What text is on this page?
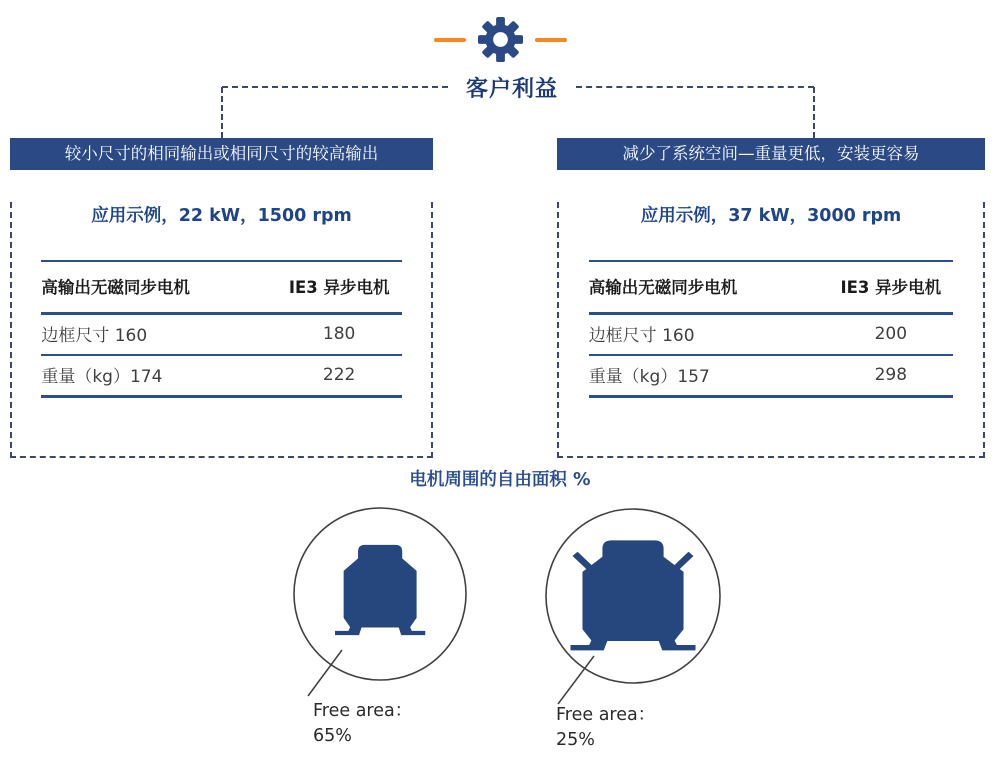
客户利益
较小尺寸的相同输出或相同尺寸的较高输出
应用示例，22 kW，1500 rpm
高输出无磁同步电机	IE3 异步电机
边框尺寸 160	180
重量（kg）174	222
减少了系统空间—重量更低，安装更容易
应用示例，37 kW，3000 rpm
高输出无磁同步电机	IE3 异步电机
边框尺寸 160	200
重量（kg）157	298
电机周围的自由面积 %
Free area：
65%
Free area：
25%
